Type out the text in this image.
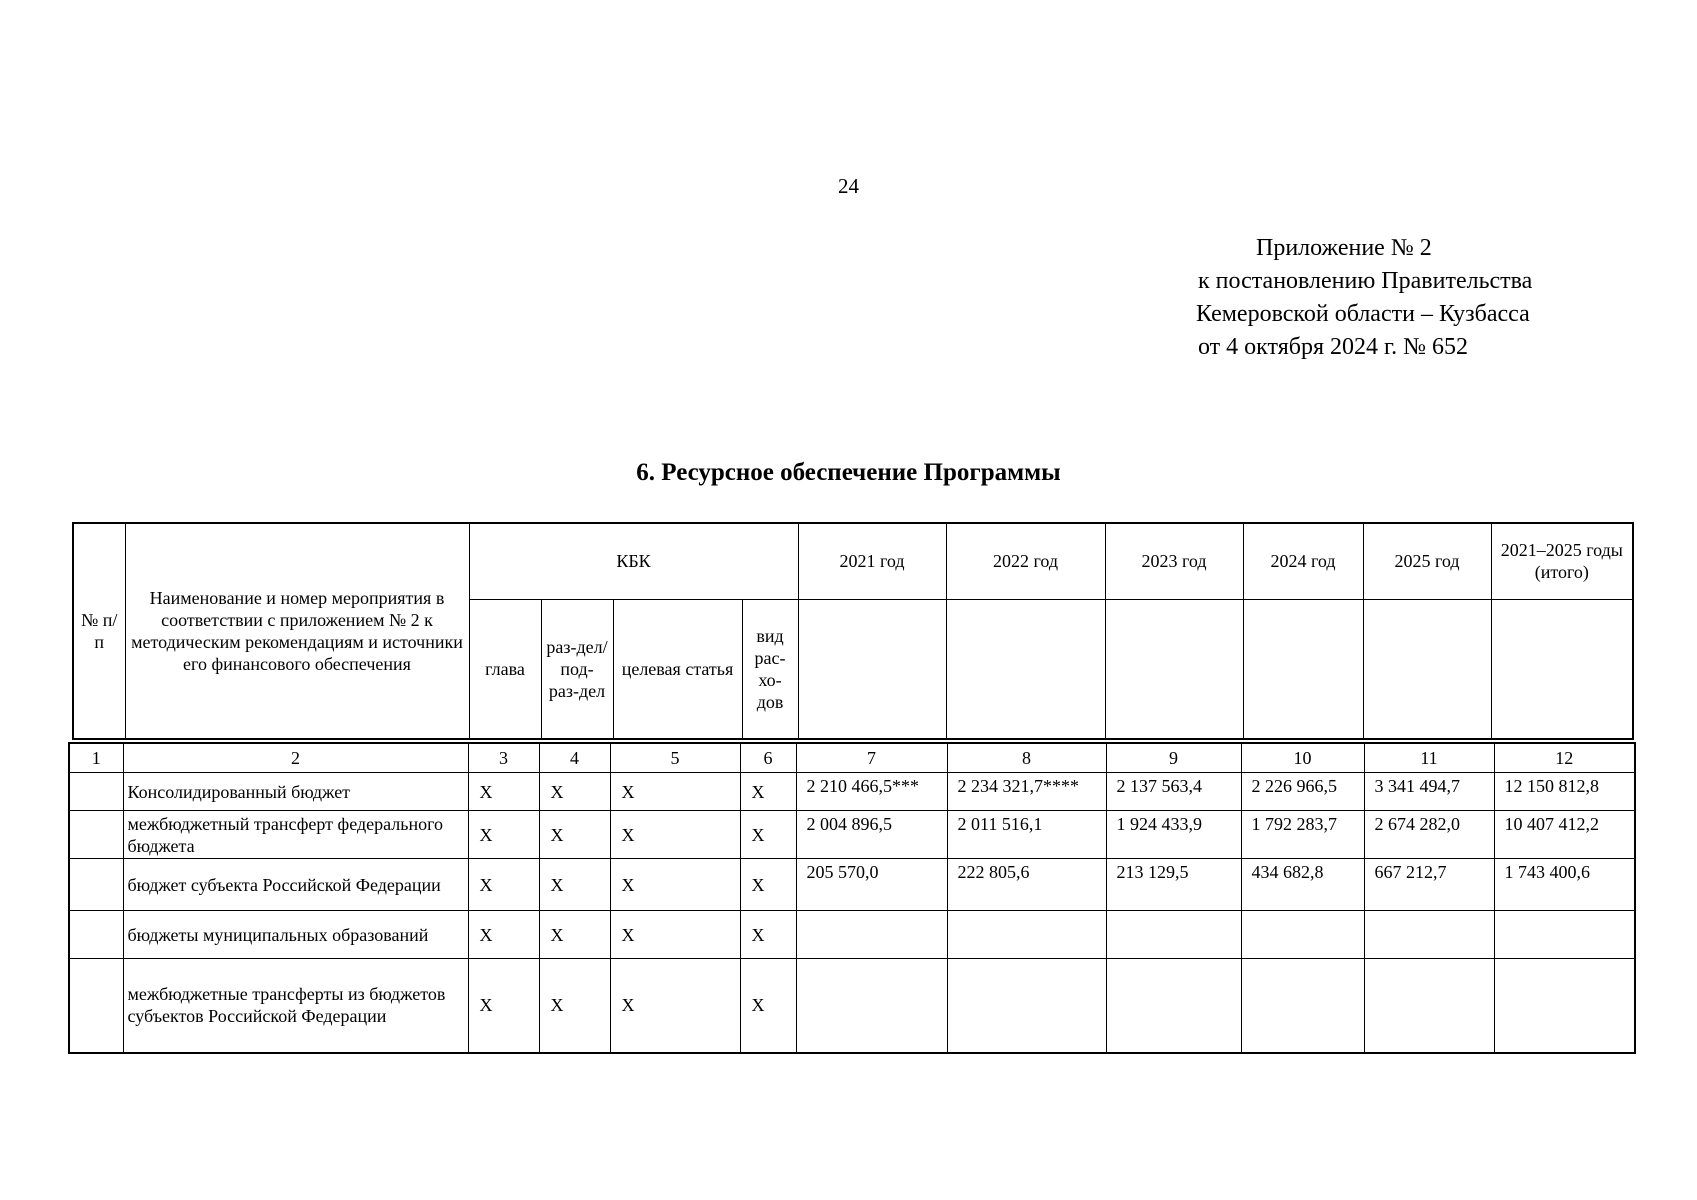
24
Приложение № 2
к постановлению Правительства
Кемеровской области – Кузбасса
от 4 октября 2024 г. № 652
6. Ресурсное обеспечение Программы
№ п/п	Наименование и номер мероприятия в соответствии с приложением № 2 к методическим рекомендациям и источники его финансового обеспечения	КБК				2021 год	2022 год	2023 год	2024 год	2025 год	2021–2025 годы (итого)
		глава	раз-дел/ под-раз-дел	целевая статья	вид рас-хо-дов						
1	2	3	4	5	6	7	8	9	10	11	12
	Консолидированный бюджет	Х	Х	Х	Х	2 210 466,5***	2 234 321,7****	2 137 563,4	2 226 966,5	3 341 494,7	12 150 812,8
	межбюджетный трансферт федерального бюджета	Х	Х	Х	Х	2 004 896,5	2 011 516,1	1 924 433,9	1 792 283,7	2 674 282,0	10 407 412,2
	бюджет субъекта Российской Федерации	Х	Х	Х	Х	205 570,0	222 805,6	213 129,5	434 682,8	667 212,7	1 743 400,6
	бюджеты муниципальных образований	Х	Х	Х	Х						
	межбюджетные трансферты из бюджетов субъектов Российской Федерации	Х	Х	Х	Х						
